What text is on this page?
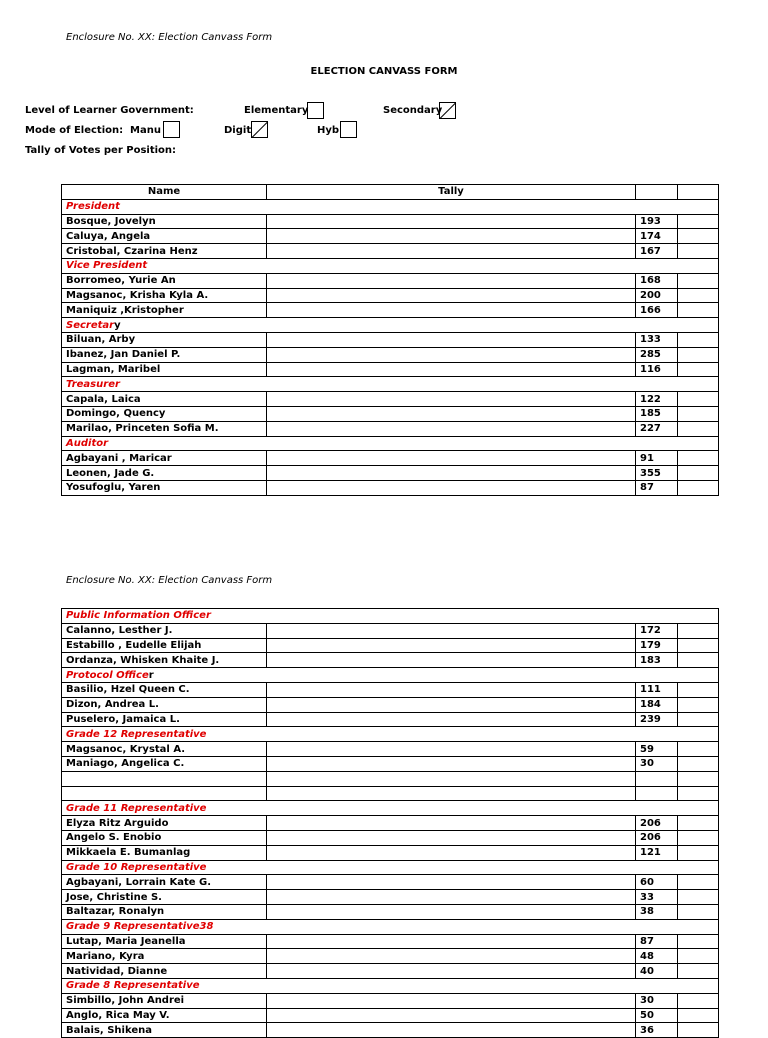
Enclosure No. XX: Election Canvass Form
ELECTION CANVASS FORM
Level of Learner Government:	Elementary	Secondary
Mode of Election: Manu	Digit	Hyb
Tally of Votes per Position:
Name	Tally		
President			
Bosque, Jovelyn		193	
Caluya, Angela		174	
Cristobal, Czarina Henz		167	
Vice President			
Borromeo, Yurie An		168	
Magsanoc, Krisha Kyla A.		200	
Maniquiz ,Kristopher		166	
Secretary			
Biluan, Arby		133	
Ibanez, Jan Daniel P.		285	
Lagman, Maribel		116	
Treasurer			
Capala, Laica		122	
Domingo, Quency		185	
Marilao, Princeten Sofia M.		227	
Auditor			
Agbayani , Maricar		91	
Leonen, Jade G.		355	
Yosufoglu, Yaren		87	
Enclosure No. XX: Election Canvass Form
Public Information Officer			
Calanno, Lesther J.		172	
Estabillo , Eudelle Elijah		179	
Ordanza, Whisken Khaite J.		183	
Protocol Officer			
Basilio, Hzel Queen C.		111	
Dizon, Andrea L.		184	
Puselero, Jamaica L.		239	
Grade 12 Representative			
Magsanoc, Krystal A.		59	
Maniago, Angelica C.		30	

Grade 11 Representative			
Elyza Ritz Arguido		206	
Angelo S. Enobio		206	
Mikkaela E. Bumanlag		121	
Grade 10 Representative			
Agbayani, Lorrain Kate G.		60	
Jose, Christine S.		33	
Baltazar, Ronalyn		38	
Grade 9 Representative38			
Lutap, Maria Jeanella		87	
Mariano, Kyra		48	
Natividad, Dianne		40	
Grade 8 Representative			
Simbillo, John Andrei		30	
Anglo, Rica May V.		50	
Balais, Shikena		36	
